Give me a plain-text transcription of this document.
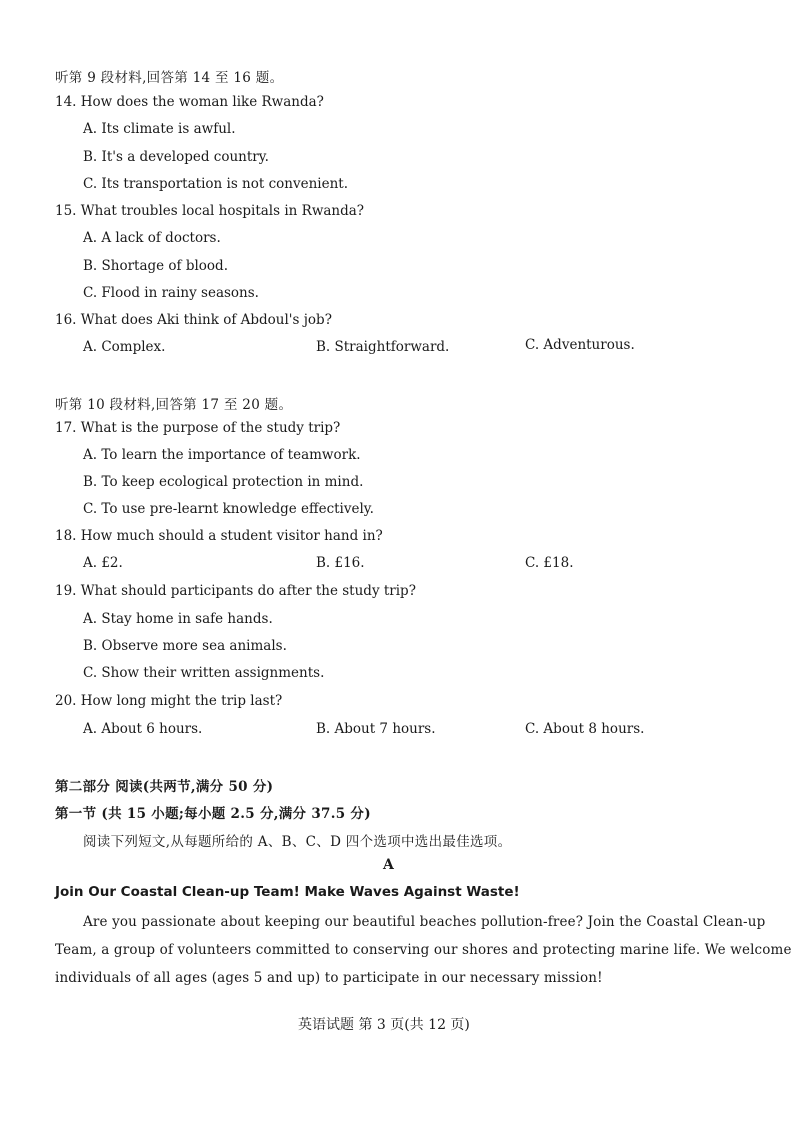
听第 9 段材料,回答第 14 至 16 题。
14. How does the woman like Rwanda?
A. Its climate is awful.
B. It's a developed country.
C. Its transportation is not convenient.
15. What troubles local hospitals in Rwanda?
A. A lack of doctors.
B. Shortage of blood.
C. Flood in rainy seasons.
16. What does Aki think of Abdoul's job?
A. Complex.	B. Straightforward.	C. Adventurous.
听第 10 段材料,回答第 17 至 20 题。
17. What is the purpose of the study trip?
A. To learn the importance of teamwork.
B. To keep ecological protection in mind.
C. To use pre-learnt knowledge effectively.
18. How much should a student visitor hand in?
A. £2.	B. £16.	C. £18.
19. What should participants do after the study trip?
A. Stay home in safe hands.
B. Observe more sea animals.
C. Show their written assignments.
20. How long might the trip last?
A. About 6 hours.	B. About 7 hours.	C. About 8 hours.
第二部分 阅读(共两节,满分 50 分)
第一节 (共 15 小题;每小题 2.5 分,满分 37.5 分)
阅读下列短文,从每题所给的 A、B、C、D 四个选项中选出最佳选项。
A
Join Our Coastal Clean-up Team! Make Waves Against Waste!
Are you passionate about keeping our beautiful beaches pollution-free? Join the Coastal Clean-up
Team, a group of volunteers committed to conserving our shores and protecting marine life. We welcome
individuals of all ages (ages 5 and up) to participate in our necessary mission!
英语试题 第 3 页(共 12 页)
